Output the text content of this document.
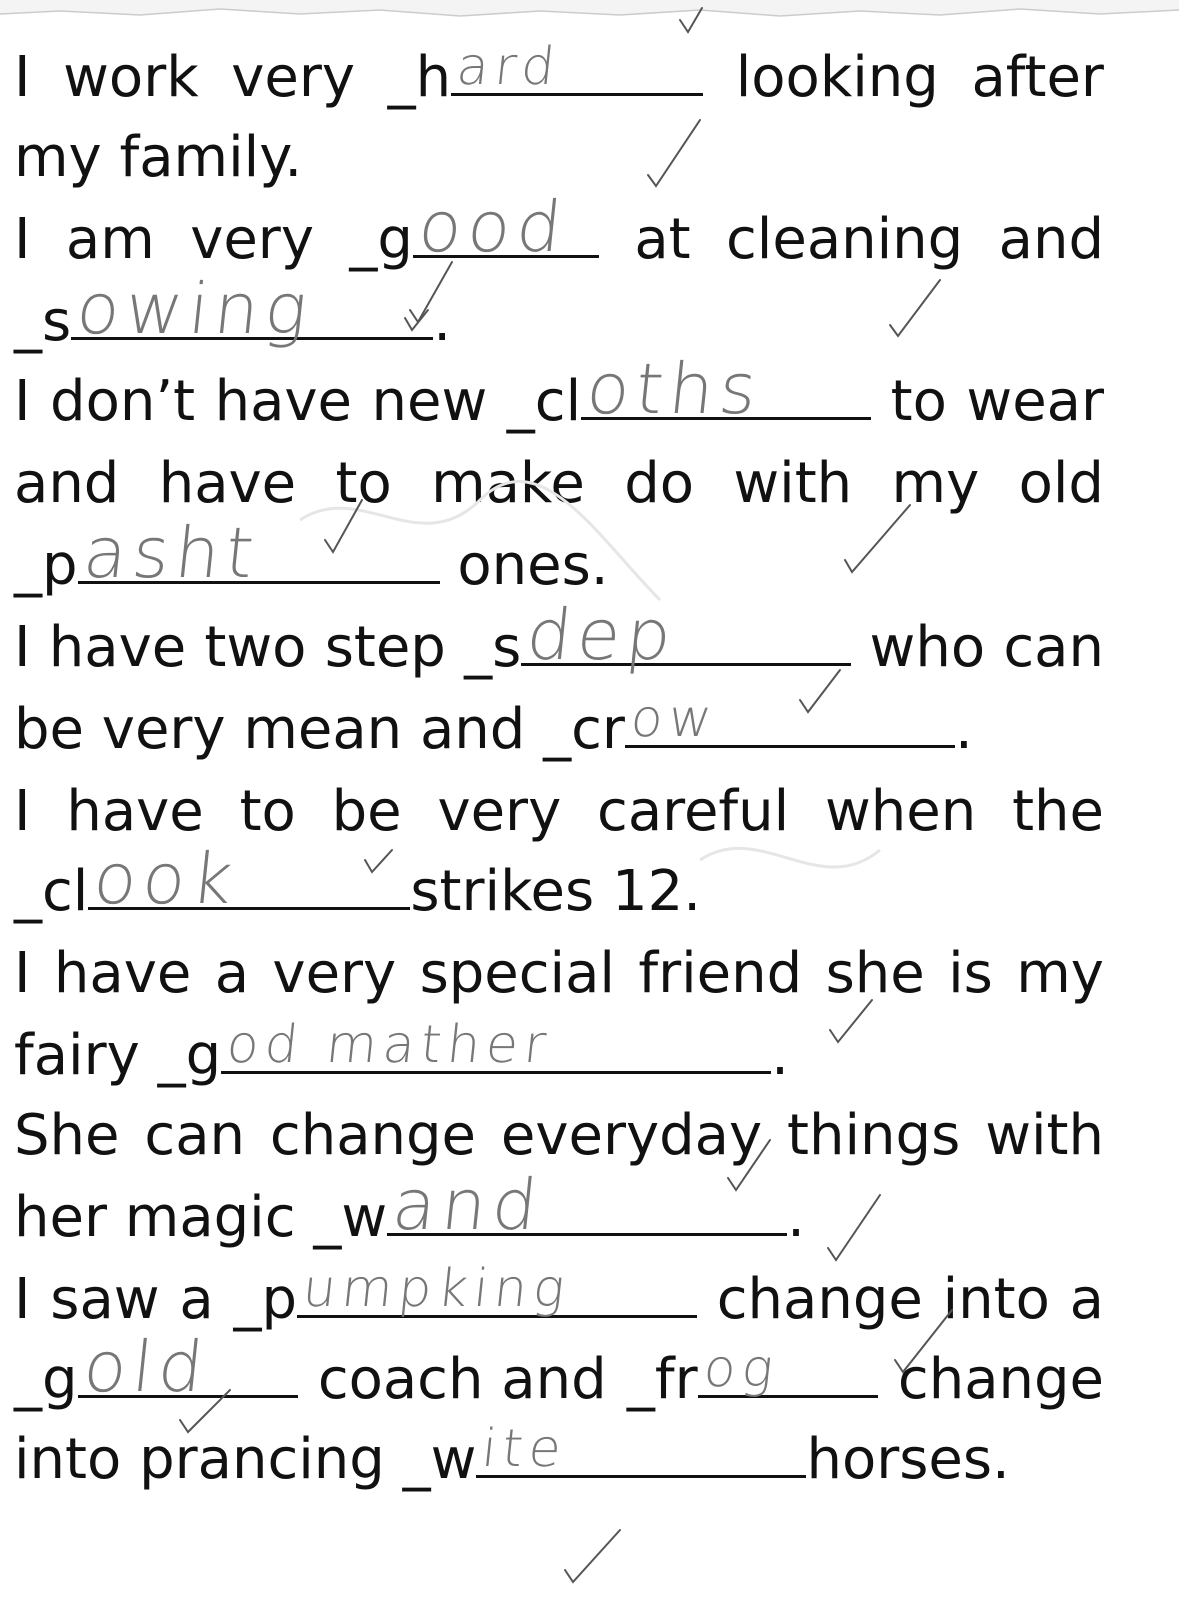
I work very _h ard	looking after
my family.
I am very _g ood at cleaning and
_s owing .
I don’t have new _cl oths to wear
and have to make do with my old
_p asht	ones.
I have two step _s dep	who can
be very mean and _cr ow	.
I have to be very careful when the
_cl ook	strikes 12.
I have a very special friend she is my
fairy _g od mather	.
She can change everyday things with
her magic _w and	.
I saw a _p umpking	change into a
_g old coach and _fr og change
into prancing _w ite	horses.
